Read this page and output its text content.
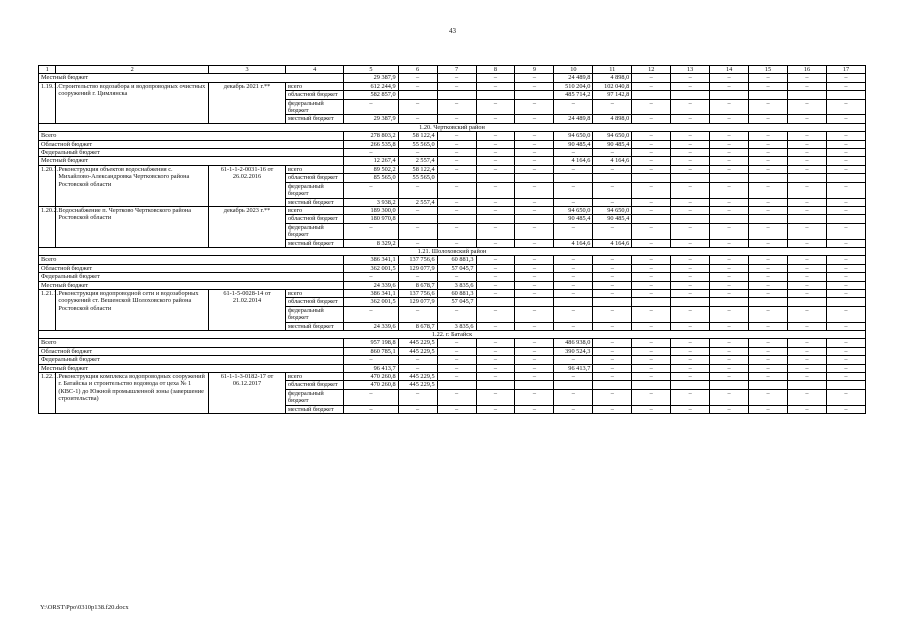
43
1	2	3	4	5	6	7	8	9	10	11	12	13	14	15	16	17
Местный бюджет				29 387,9	–	–	–	–	24 489,8	4 898,0	–	–	–	–	–	–
1.19.1.	Строительство водозабора и водопроводных очистных сооружений г. Цимлянска	декабрь 2021 г.**	всего	612 244,9	–	–	–	–	510 204,0	102 040,8	–	–	–	–	–	–
			областной бюджет	582 857,0					485 714,2	97 142,8						
			федеральный бюджет	–	–	–	–	–	–	–	–	–	–	–	–	–
			местный бюджет	29 387,9	–	–	–	–	24 489,8	4 898,0	–	–	–	–	–	–
1.20. Чертковский район																
Всего				278 803,2	58 122,4	–	–	–	94 650,0	94 650,0	–	–	–	–	–	–
Областной бюджет				266 535,8	55 565,0	–	–	–	90 485,4	90 485,4	–	–	–	–	–	–
Федеральный бюджет				–	–	–	–	–	–	–	–	–	–	–	–	–
Местный бюджет				12 267,4	2 557,4	–	–	–	4 164,6	4 164,6	–	–	–	–	–	–
1.20.1.	Реконструкция объектов водоснабжения с. Михайлово-Александровка Чертковского района Ростовской области	61-1-1-2-0031-16 от 26.02.2016	всего	89 502,2	58 122,4	–	–	–	–	–	–	–	–	–	–	–
			областной бюджет	85 565,0	55 565,0											
			федеральный бюджет	–	–	–	–	–	–	–	–	–	–	–	–	–
			местный бюджет	3 938,2	2 557,4	–	–	–	–	–	–	–	–	–	–	–
1.20.2.	Водоснабжение п. Чертково Чертковского района Ростовской области	декабрь 2023 г.**	всего	189 300,0	–	–	–	–	94 650,0	94 650,0	–	–	–	–	–	–
			областной бюджет	180 970,8					90 485,4	90 485,4						
			федеральный бюджет	–	–	–	–	–	–	–	–	–	–	–	–	–
			местный бюджет	8 329,2	–	–	–	–	4 164,6	4 164,6	–	–	–	–	–	–
1.21. Шолоховский район																
Всего				386 341,1	137 756,6	60 881,3	–	–	–	–	–	–	–	–	–	–
Областной бюджет				362 001,5	129 077,9	57 045,7	–	–	–	–	–	–	–	–	–	–
Федеральный бюджет				–	–	–	–	–	–	–	–	–	–	–	–	–
Местный бюджет				24 339,6	8 678,7	3 835,6	–	–	–	–	–	–	–	–	–	–
1.21.1.	Реконструкция водопроводной сети и водозаборных сооружений ст. Вешенской Шолоховского района Ростовской области	61-1-5-0028-14 от 21.02.2014	всего	386 341,1	137 756,6	60 881,3	–	–	–	–	–	–	–	–	–	–
			областной бюджет	362 001,5	129 077,9	57 045,7										
			федеральный бюджет	–	–	–	–	–	–	–	–	–	–	–	–	–
			местный бюджет	24 339,6	8 678,7	3 835,6	–	–	–	–	–	–	–	–	–	–
1.22. г. Батайск																
Всего				957 198,8	445 229,5	–	–	–	486 938,0	–	–	–	–	–	–	–
Областной бюджет				860 785,1	445 229,5	–	–	–	390 524,3	–	–	–	–	–	–	–
Федеральный бюджет				–	–	–	–	–	–	–	–	–	–	–	–	–
Местный бюджет				96 413,7	–	–	–	–	96 413,7	–	–	–	–	–	–	–
1.22.1.	Реконструкция комплекса водопроводных сооружений г. Батайска и строительство водовода от цеха № 1 (КВС-1) до Южной промышленной зоны (завершение строительства)	61-1-1-3-0182-17 от 06.12.2017	всего	470 260,8	445 229,5	–	–	–	–	–	–	–	–	–	–	–
			областной бюджет	470 260,8	445 229,5											
			федеральный бюджет	–	–	–	–	–	–	–	–	–	–	–	–	–
			местный бюджет	–	–	–	–	–	–	–	–	–	–	–	–	–
Y:\ORST\Ppo\0310p138.f20.docx
